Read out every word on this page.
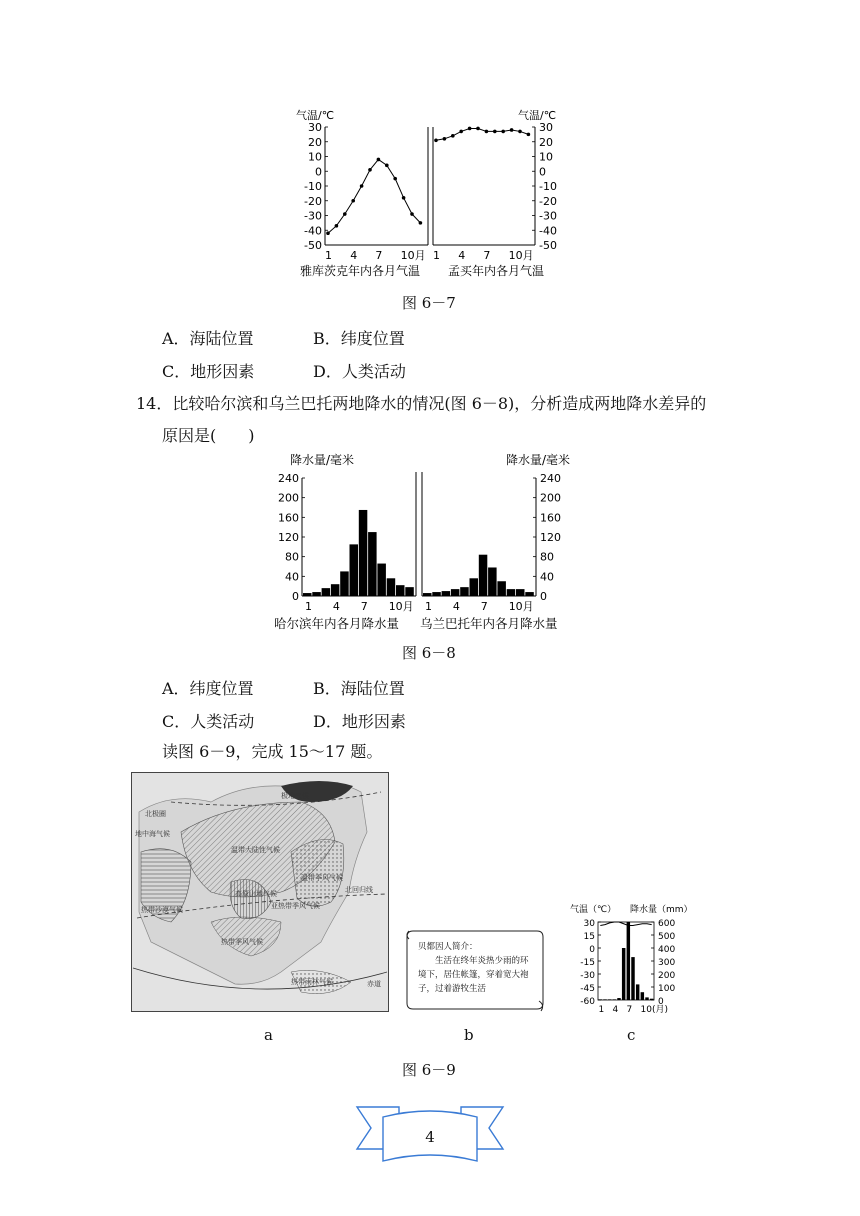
气温/℃
30
20
10
0
-10
-20
-30
-40
-50
1 4 7 10月
雅库茨克年内各月气温
气温/℃
30
20
10
0
-10
-20
-30
-40
-50
1 4 7 10月
孟买年内各月气温
图 6－7
A．海陆位置	B．纬度位置
C．地形因素	D．人类活动
14．比较哈尔滨和乌兰巴托两地降水的情况(图 6－8)，分析造成两地降水差异的
原因是(　　)
降水量/毫米
240
200
160
120
80
40
0
1 4 7 10月
哈尔滨年内各月降水量
降水量/毫米
240
200
160
120
80
40
0
1 4 7 10月
乌兰巴托年内各月降水量
图 6－8
A．纬度位置	B．海陆位置
C．人类活动	D．地形因素
读图 6－9，完成 15～17 题。
极地气候
北极圈
温带大陆性气候
温带季风气候
亚热带季风气候
热带沙漠气候
热带季风气候
地中海气候
高原山地气候
热带雨林气候
北回归线
赤道
a
贝都因人简介：
生活在终年炎热少雨的环境下，居住帐篷，穿着宽大袍子，过着游牧生活
b
气温（℃） 降水量（mm）
30
15
0
-15
-30
-45
-60
600
500
400
300
200
100
0
1 4 7 10(月)
c
图 6－9
4
